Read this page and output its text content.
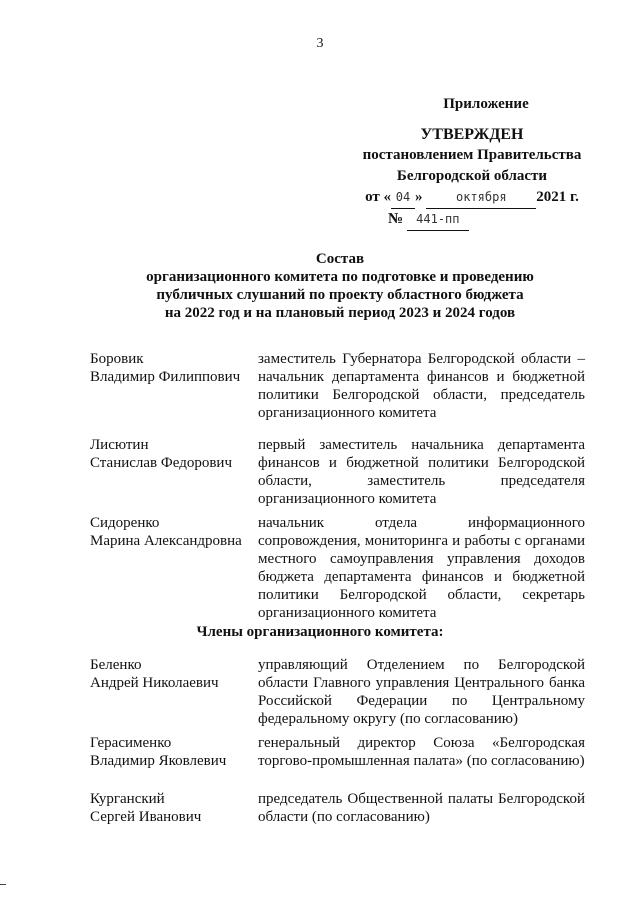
3
Приложение
УТВЕРЖДЕН
постановлением Правительства
Белгородской области
от « 04 »	октября 2021 г.
№ 441-пп
Состав
организационного комитета по подготовке и проведению
публичных слушаний по проекту областного бюджета
на 2022 год и на плановый период 2023 и 2024 годов
Боровик
Владимир Филиппович
заместитель Губернатора Белгородской области – начальник департамента финансов и бюджетной политики Белгородской области, председатель организационного комитета
Лисютин
Станислав Федорович
первый заместитель начальника департамента финансов и бюджетной политики Белгородской области, заместитель председателя организационного комитета
Сидоренко
Марина Александровна
начальник отдела информационного сопровождения, мониторинга и работы с органами местного самоуправления управления доходов бюджета департамента финансов и бюджетной политики Белгородской области, секретарь организационного комитета
Члены организационного комитета:
Беленко
Андрей Николаевич
управляющий Отделением по Белгородской области Главного управления Центрального банка Российской Федерации по Центральному федеральному округу (по согласованию)
Герасименко
Владимир Яковлевич
генеральный директор Союза «Белгородская торгово-промышленная палата» (по согласованию)
Курганский
Сергей Иванович
председатель Общественной палаты Белгородской области (по согласованию)
